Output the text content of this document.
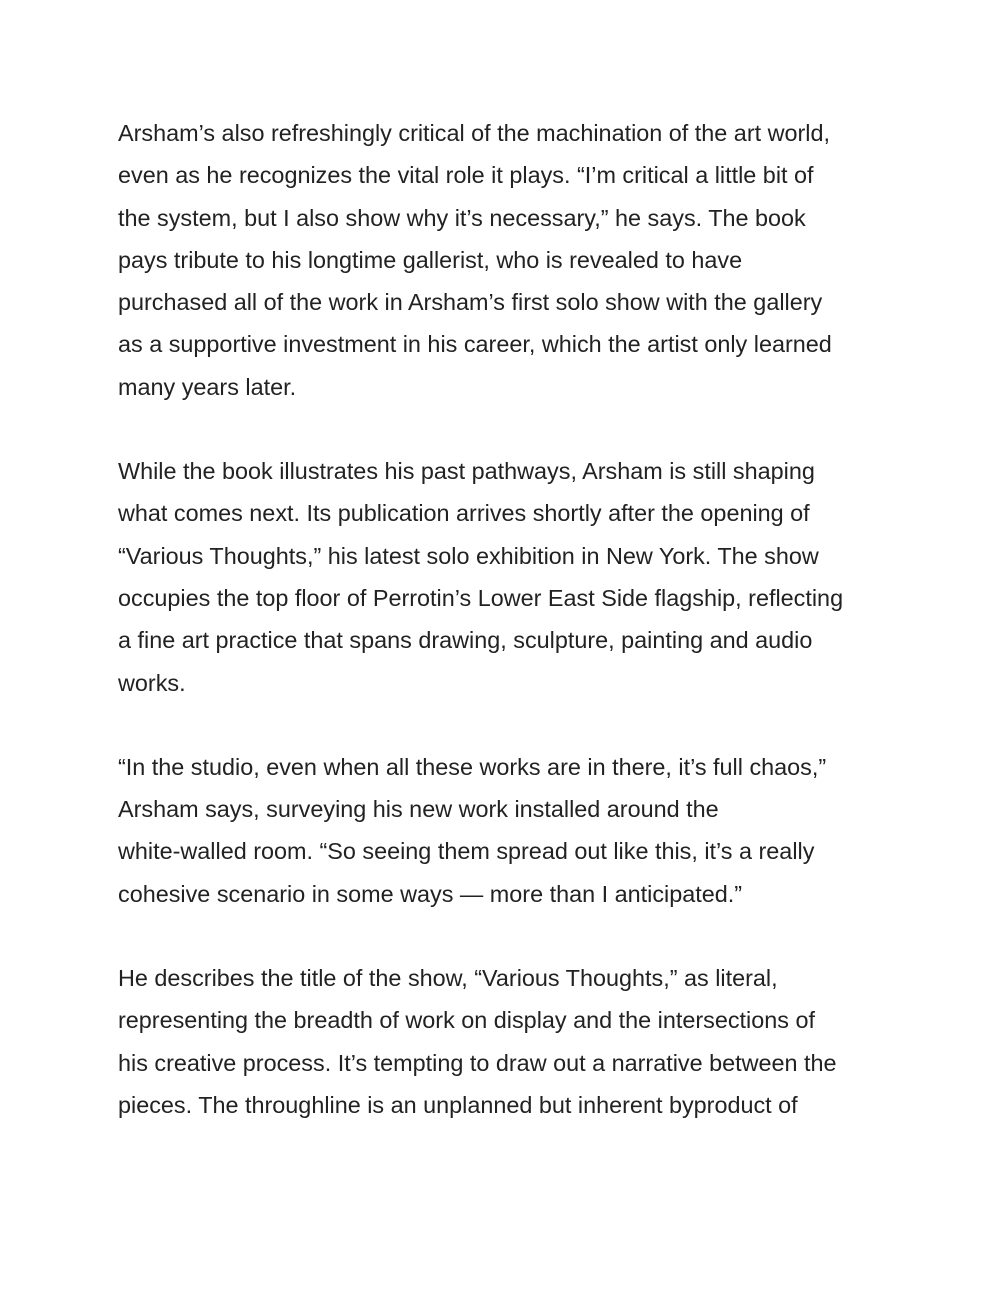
Arsham’s also refreshingly critical of the machination of the art world,
even as he recognizes the vital role it plays. “I’m critical a little bit of
the system, but I also show why it’s necessary,” he says. The book
pays tribute to his longtime gallerist, who is revealed to have
purchased all of the work in Arsham’s first solo show with the gallery
as a supportive investment in his career, which the artist only learned
many years later.

While the book illustrates his past pathways, Arsham is still shaping
what comes next. Its publication arrives shortly after the opening of
“Various Thoughts,” his latest solo exhibition in New York. The show
occupies the top floor of Perrotin’s Lower East Side flagship, reflecting
a fine art practice that spans drawing, sculpture, painting and audio
works.

“In the studio, even when all these works are in there, it’s full chaos,”
Arsham says, surveying his new work installed around the
white-walled room. “So seeing them spread out like this, it’s a really
cohesive scenario in some ways — more than I anticipated.”

He describes the title of the show, “Various Thoughts,” as literal,
representing the breadth of work on display and the intersections of
his creative process. It’s tempting to draw out a narrative between the
pieces. The throughline is an unplanned but inherent byproduct of
